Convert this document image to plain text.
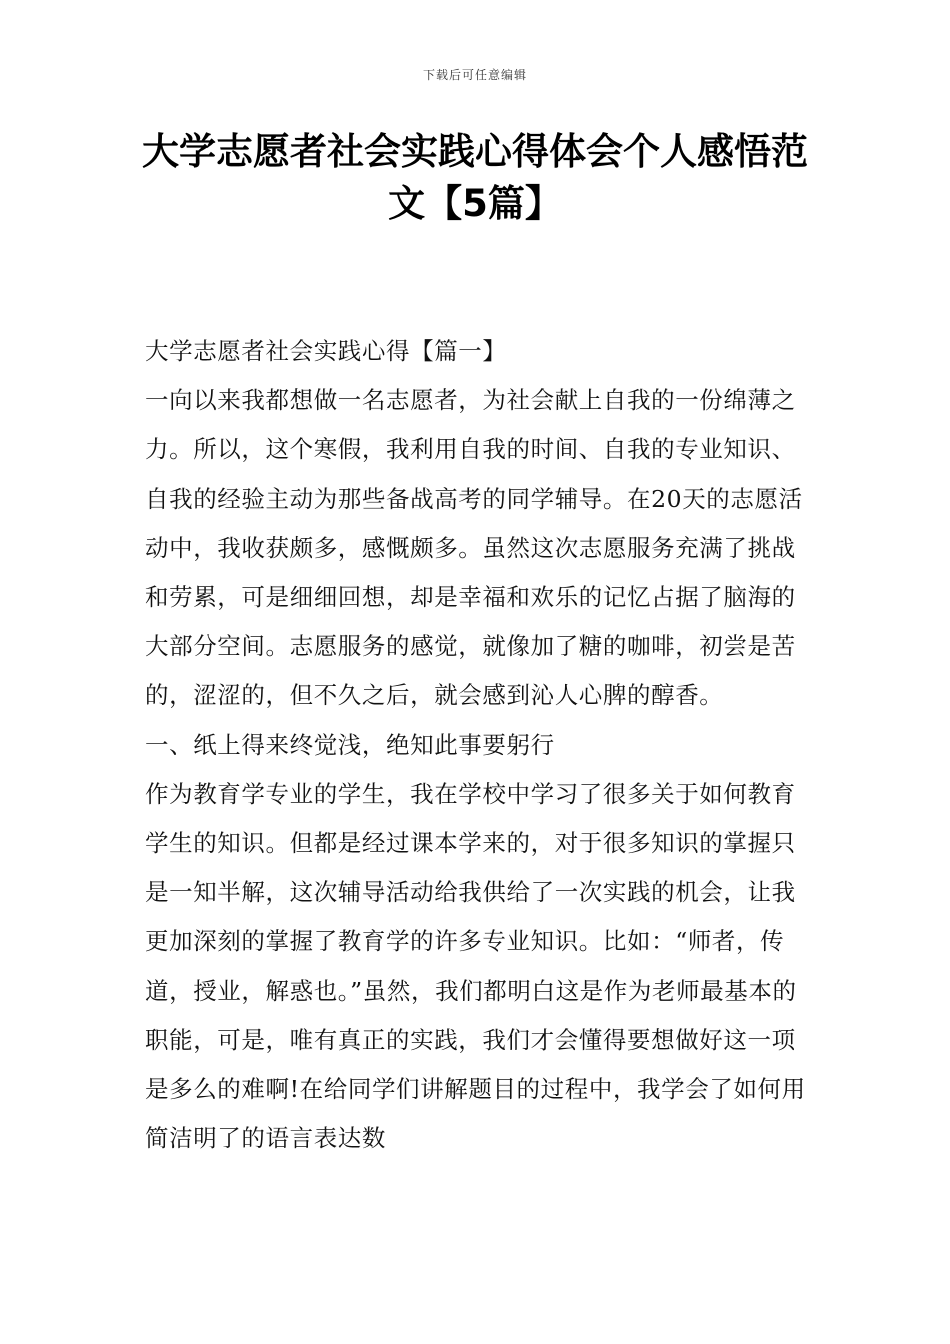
下载后可任意编辑
大学志愿者社会实践心得体会个人感悟范文【5篇】

大学志愿者社会实践心得【篇一】

一向以来我都想做一名志愿者，为社会献上自我的一份绵薄之力。所以，这个寒假，我利用自我的时间、自我的专业知识、自我的经验主动为那些备战高考的同学辅导。在20天的志愿活动中，我收获颇多，感慨颇多。虽然这次志愿服务充满了挑战和劳累，可是细细回想，却是幸福和欢乐的记忆占据了脑海的大部分空间。志愿服务的感觉，就像加了糖的咖啡，初尝是苦的，涩涩的，但不久之后，就会感到沁人心脾的醇香。

一、纸上得来终觉浅，绝知此事要躬行

作为教育学专业的学生，我在学校中学习了很多关于如何教育学生的知识。但都是经过课本学来的，对于很多知识的掌握只是一知半解，这次辅导活动给我供给了一次实践的机会，让我更加深刻的掌握了教育学的许多专业知识。比如：“师者，传道，授业，解惑也。”虽然，我们都明白这是作为老师最基本的职能，可是，唯有真正的实践，我们才会懂得要想做好这一项是多么的难啊!在给同学们讲解题目的过程中，我学会了如何用简洁明了的语言表达数
